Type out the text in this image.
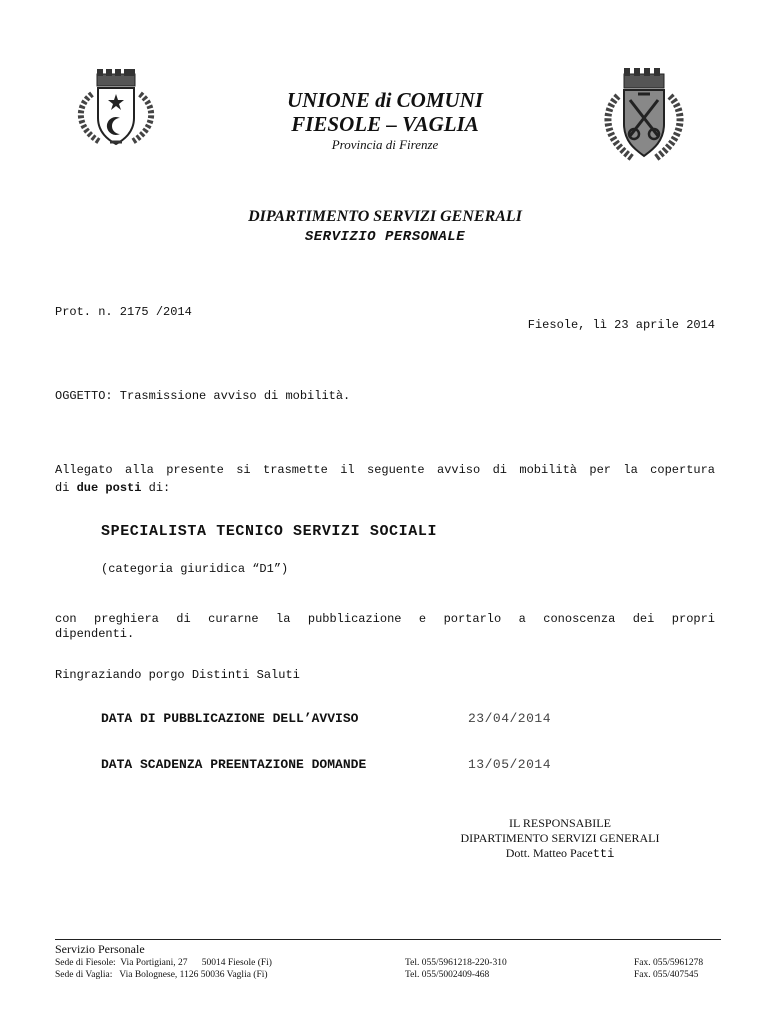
UNIONE di COMUNI
FIESOLE – VAGLIA
Provincia di Firenze
DIPARTIMENTO SERVIZI GENERALI
SERVIZIO PERSONALE
Prot. n. 2175 /2014
Fiesole, lì 23 aprile 2014
OGGETTO: Trasmissione avviso di mobilità.
Allegato alla presente si trasmette il seguente avviso di mobilità per la copertura
di due posti di:
SPECIALISTA TECNICO SERVIZI SOCIALI
(categoria giuridica “D1”)
con preghiera di curarne la pubblicazione e portarlo a conoscenza dei propri
dipendenti.
Ringraziando porgo Distinti Saluti
DATA DI PUBBLICAZIONE DELL’AVVISO	23/04/2014
DATA SCADENZA PREENTAZIONE DOMANDE	13/05/2014
IL RESPONSABILE
DIPARTIMENTO SERVIZI GENERALI
Dott. Matteo Pacetti
Servizio Personale
Sede di Fiesole:  Via Portigiani, 27      50014 Fiesole (Fi)	Tel. 055/5961218-220-310	Fax. 055/5961278
Sede di Vaglia:   Via Bolognese, 1126 50036 Vaglia (Fi)	Tel. 055/5002409-468	Fax. 055/407545
